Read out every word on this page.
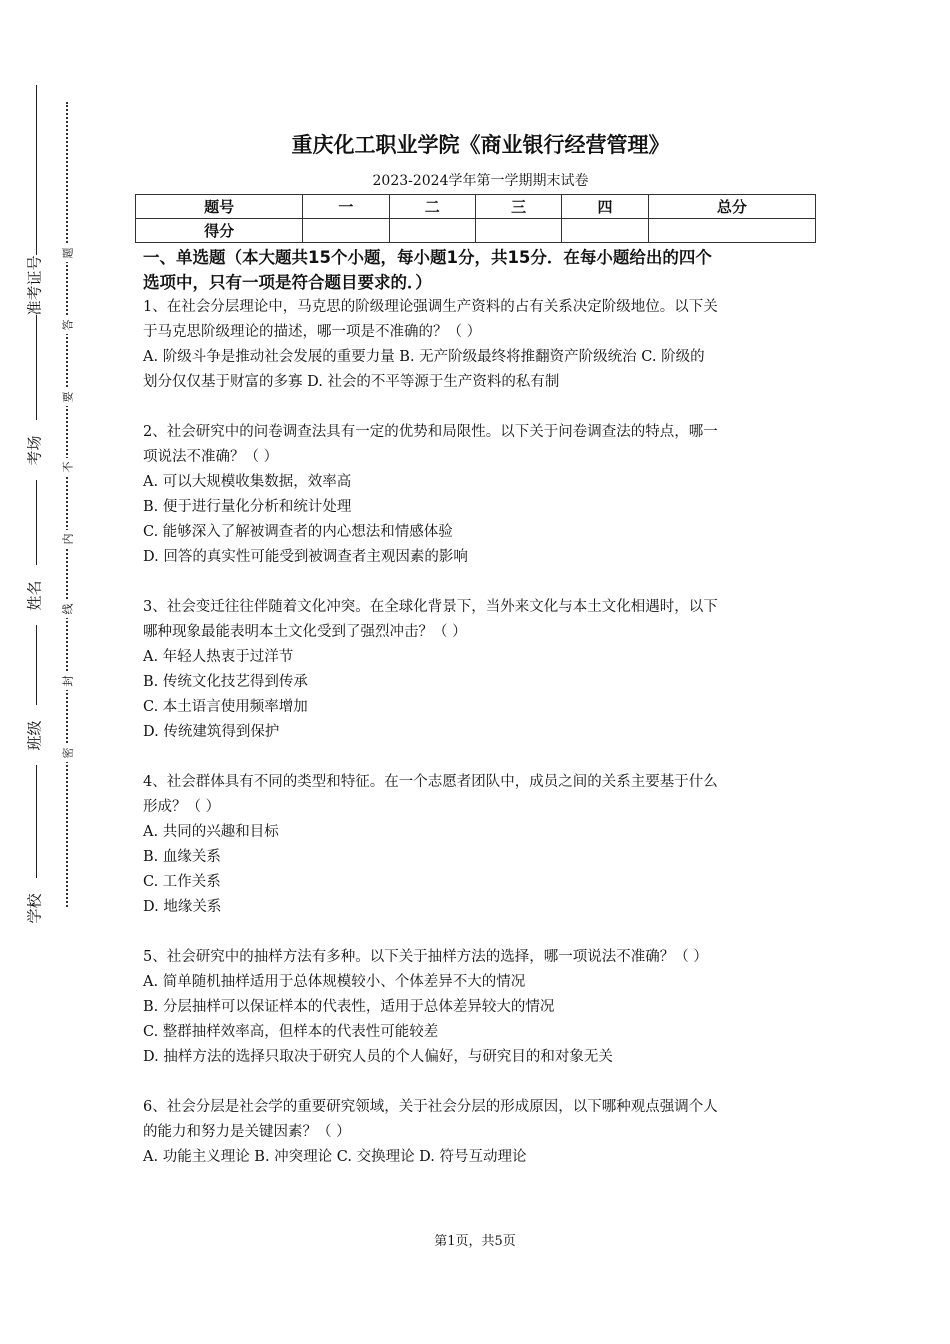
准考证号
考场
姓名
班级
学校
题
答
要
不
内
线
封
密
重庆化工职业学院《商业银行经营管理》
2023-2024学年第一学期期末试卷
题号	一	二	三	四	总分
得分					
一、单选题（本大题共15个小题，每小题1分，共15分．在每小题给出的四个
选项中，只有一项是符合题目要求的．）
1、在社会分层理论中，马克思的阶级理论强调生产资料的占有关系决定阶级地位。以下关
于马克思阶级理论的描述，哪一项是不准确的？（ ）
A. 阶级斗争是推动社会发展的重要力量 B. 无产阶级最终将推翻资产阶级统治 C. 阶级的
划分仅仅基于财富的多寡 D. 社会的不平等源于生产资料的私有制
2、社会研究中的问卷调查法具有一定的优势和局限性。以下关于问卷调查法的特点，哪一
项说法不准确？（ ）
A. 可以大规模收集数据，效率高
B. 便于进行量化分析和统计处理
C. 能够深入了解被调查者的内心想法和情感体验
D. 回答的真实性可能受到被调查者主观因素的影响
3、社会变迁往往伴随着文化冲突。在全球化背景下，当外来文化与本土文化相遇时，以下
哪种现象最能表明本土文化受到了强烈冲击？（ ）
A. 年轻人热衷于过洋节
B. 传统文化技艺得到传承
C. 本土语言使用频率增加
D. 传统建筑得到保护
4、社会群体具有不同的类型和特征。在一个志愿者团队中，成员之间的关系主要基于什么
形成？（ ）
A. 共同的兴趣和目标
B. 血缘关系
C. 工作关系
D. 地缘关系
5、社会研究中的抽样方法有多种。以下关于抽样方法的选择，哪一项说法不准确？（ ）
A. 简单随机抽样适用于总体规模较小、个体差异不大的情况
B. 分层抽样可以保证样本的代表性，适用于总体差异较大的情况
C. 整群抽样效率高，但样本的代表性可能较差
D. 抽样方法的选择只取决于研究人员的个人偏好，与研究目的和对象无关
6、社会分层是社会学的重要研究领域，关于社会分层的形成原因，以下哪种观点强调个人
的能力和努力是关键因素？（ ）
A. 功能主义理论 B. 冲突理论 C. 交换理论 D. 符号互动理论
第1页，共5页
